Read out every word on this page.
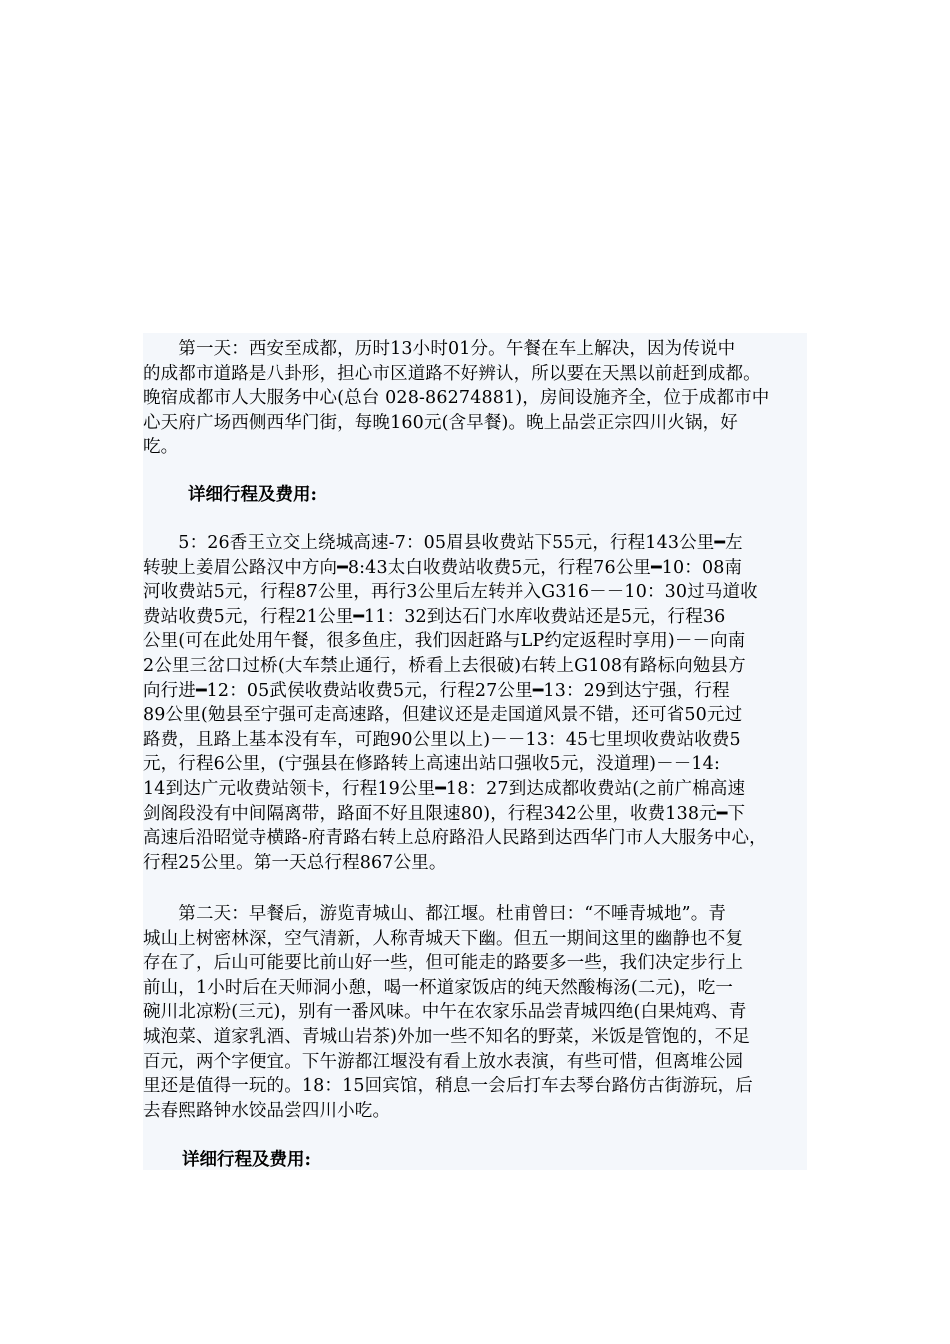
　　第一天：西安至成都，历时13小时01分。午餐在车上解决，因为传说中
的成都市道路是八卦形，担心市区道路不好辨认，所以要在天黑以前赶到成都。
晚宿成都市人大服务中心(总台 028-86274881)，房间设施齐全，位于成都市中
心天府广场西侧西华门街，每晚160元(含早餐)。晚上品尝正宗四川火锅，好
吃。
详细行程及费用:
　　5：26香王立交上绕城高速-7：05眉县收费站下55元，行程143公里━左
转驶上姜眉公路汉中方向━8:43太白收费站收费5元，行程76公里━10：08南
河收费站5元，行程87公里，再行3公里后左转并入G316－－10：30过马道收
费站收费5元，行程21公里━11：32到达石门水库收费站还是5元，行程36
公里(可在此处用午餐，很多鱼庄，我们因赶路与LP约定返程时享用)－－向南
2公里三岔口过桥(大车禁止通行，桥看上去很破)右转上G108有路标向勉县方
向行进━12：05武侯收费站收费5元，行程27公里━13：29到达宁强，行程
89公里(勉县至宁强可走高速路，但建议还是走国道风景不错，还可省50元过
路费，且路上基本没有车，可跑90公里以上)－－13：45七里坝收费站收费5
元，行程6公里，(宁强县在修路转上高速出站口强收5元，没道理)－－14:
14到达广元收费站领卡，行程19公里━18：27到达成都收费站(之前广棉高速
剑阁段没有中间隔离带，路面不好且限速80)，行程342公里，收费138元━下
高速后沿昭觉寺横路-府青路右转上总府路沿人民路到达西华门市人大服务中心，
行程25公里。第一天总行程867公里。
　　第二天：早餐后，游览青城山、都江堰。杜甫曾曰：“不唾青城地”。青
城山上树密林深，空气清新，人称青城天下幽。但五一期间这里的幽静也不复
存在了，后山可能要比前山好一些，但可能走的路要多一些，我们决定步行上
前山，1小时后在天师洞小憩，喝一杯道家饭店的纯天然酸梅汤(二元)，吃一
碗川北凉粉(三元)，别有一番风味。中午在农家乐品尝青城四绝(白果炖鸡、青
城泡菜、道家乳酒、青城山岩茶)外加一些不知名的野菜，米饭是管饱的，不足
百元，两个字便宜。下午游都江堰没有看上放水表演，有些可惜，但离堆公园
里还是值得一玩的。18：15回宾馆，稍息一会后打车去琴台路仿古街游玩，后
去春熙路钟水饺品尝四川小吃。
详细行程及费用:
